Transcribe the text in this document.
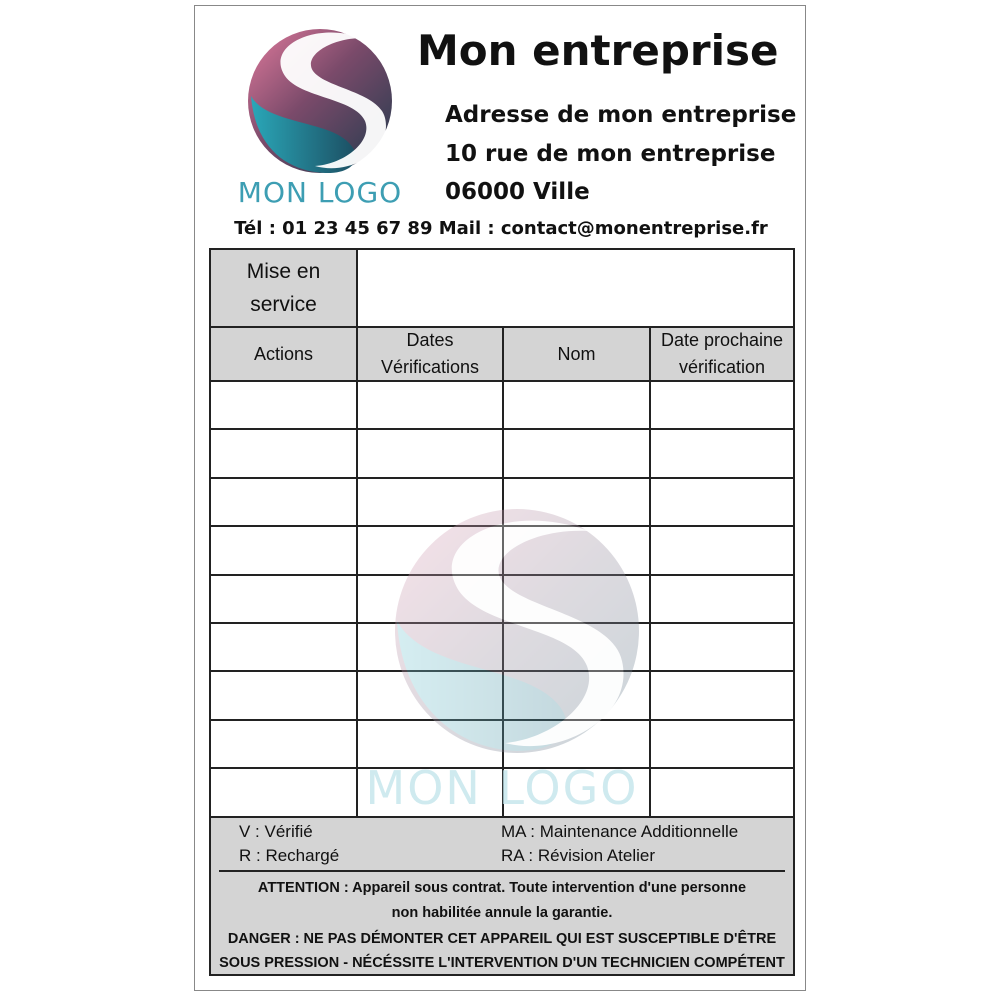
MON LOGO
Mon entreprise
Adresse de mon entreprise
10 rue de mon entreprise
06000 Ville
Tél : 01 23 45 67 89 Mail : contact@monentreprise.fr
Mise en
service
Actions
Dates
Vérifications
Nom
Date prochaine
vérification
V : Vérifié
R : Rechargé
MA : Maintenance Additionnelle
RA : Révision Atelier
ATTENTION : Appareil sous contrat. Toute intervention d'une personne
non habilitée annule la garantie.
DANGER : NE PAS DÉMONTER CET APPAREIL QUI EST SUSCEPTIBLE D'ÊTRE
SOUS PRESSION - NÉCÉSSITE L'INTERVENTION D'UN TECHNICIEN COMPÉTENT
MON LOGO
